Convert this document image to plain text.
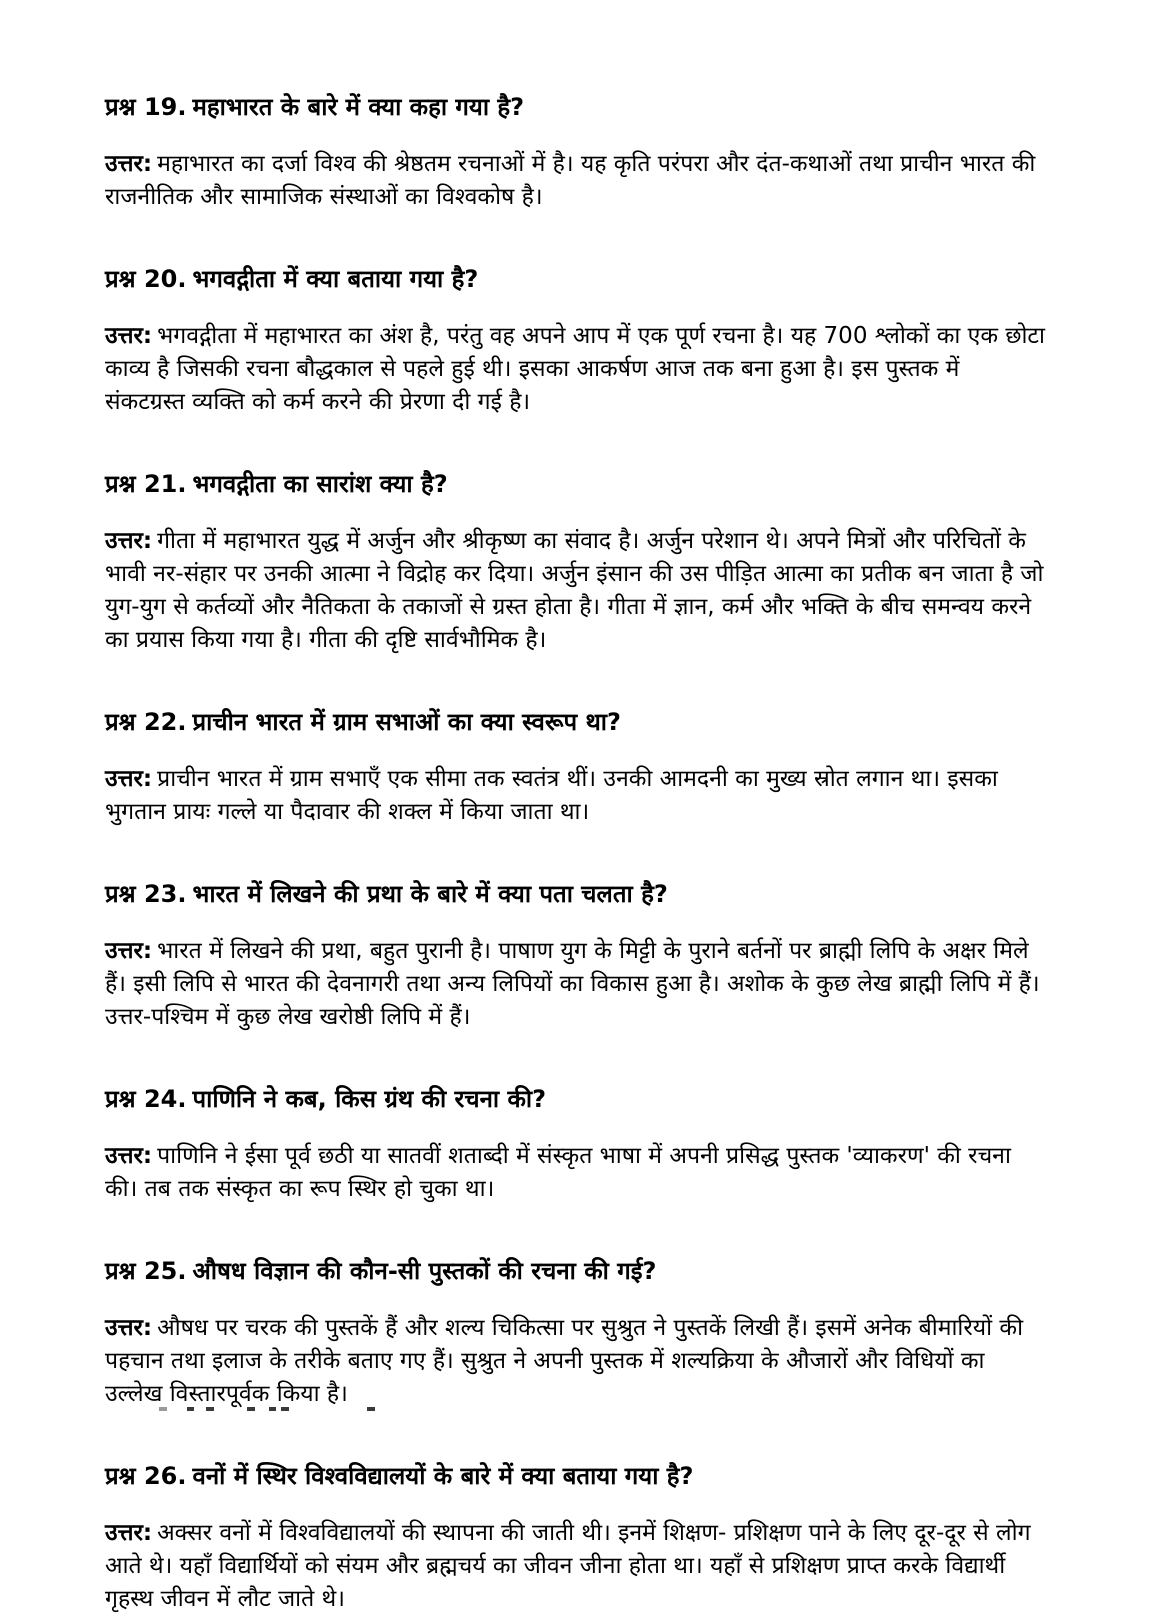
प्रश्न 19. महाभारत के बारे में क्या कहा गया है?

उत्तर: महाभारत का दर्जा विश्व की श्रेष्ठतम रचनाओं में है। यह कृति परंपरा और दंत-कथाओं तथा प्राचीन भारत की राजनीतिक और सामाजिक संस्थाओं का विश्वकोष है।

प्रश्न 20. भगवद्गीता में क्या बताया गया है?

उत्तर: भगवद्गीता में महाभारत का अंश है, परंतु वह अपने आप में एक पूर्ण रचना है। यह 700 श्लोकों का एक छोटा काव्य है जिसकी रचना बौद्धकाल से पहले हुई थी। इसका आकर्षण आज तक बना हुआ है। इस पुस्तक में संकटग्रस्त व्यक्ति को कर्म करने की प्रेरणा दी गई है।

प्रश्न 21. भगवद्गीता का सारांश क्या है?

उत्तर: गीता में महाभारत युद्ध में अर्जुन और श्रीकृष्ण का संवाद है। अर्जुन परेशान थे। अपने मित्रों और परिचितों के भावी नर-संहार पर उनकी आत्मा ने विद्रोह कर दिया। अर्जुन इंसान की उस पीड़ित आत्मा का प्रतीक बन जाता है जो युग-युग से कर्तव्यों और नैतिकता के तकाजों से ग्रस्त होता है। गीता में ज्ञान, कर्म और भक्ति के बीच समन्वय करने का प्रयास किया गया है। गीता की दृष्टि सार्वभौमिक है।

प्रश्न 22. प्राचीन भारत में ग्राम सभाओं का क्या स्वरूप था?

उत्तर: प्राचीन भारत में ग्राम सभाएँ एक सीमा तक स्वतंत्र थीं। उनकी आमदनी का मुख्य स्रोत लगान था। इसका भुगतान प्रायः गल्ले या पैदावार की शक्ल में किया जाता था।

प्रश्न 23. भारत में लिखने की प्रथा के बारे में क्या पता चलता है?

उत्तर: भारत में लिखने की प्रथा, बहुत पुरानी है। पाषाण युग के मिट्टी के पुराने बर्तनों पर ब्राह्मी लिपि के अक्षर मिले हैं। इसी लिपि से भारत की देवनागरी तथा अन्य लिपियों का विकास हुआ है। अशोक के कुछ लेख ब्राह्मी लिपि में हैं। उत्तर-पश्चिम में कुछ लेख खरोष्ठी लिपि में हैं।

प्रश्न 24. पाणिनि ने कब, किस ग्रंथ की रचना की?

उत्तर: पाणिनि ने ईसा पूर्व छठी या सातवीं शताब्दी में संस्कृत भाषा में अपनी प्रसिद्ध पुस्तक 'व्याकरण' की रचना की। तब तक संस्कृत का रूप स्थिर हो चुका था।

प्रश्न 25. औषध विज्ञान की कौन-सी पुस्तकों की रचना की गई?

उत्तर: औषध पर चरक की पुस्तकें हैं और शल्य चिकित्सा पर सुश्रुत ने पुस्तकें लिखी हैं। इसमें अनेक बीमारियों की पहचान तथा इलाज के तरीके बताए गए हैं। सुश्रुत ने अपनी पुस्तक में शल्यक्रिया के औजारों और विधियों का उल्लेख विस्तारपूर्वक किया है।

प्रश्न 26. वनों में स्थिर विश्वविद्यालयों के बारे में क्या बताया गया है?

उत्तर: अक्सर वनों में विश्वविद्यालयों की स्थापना की जाती थी। इनमें शिक्षण- प्रशिक्षण पाने के लिए दूर-दूर से लोग आते थे। यहाँ विद्यार्थियों को संयम और ब्रह्मचर्य का जीवन जीना होता था। यहाँ से प्रशिक्षण प्राप्त करके विद्यार्थी गृहस्थ जीवन में लौट जाते थे।
